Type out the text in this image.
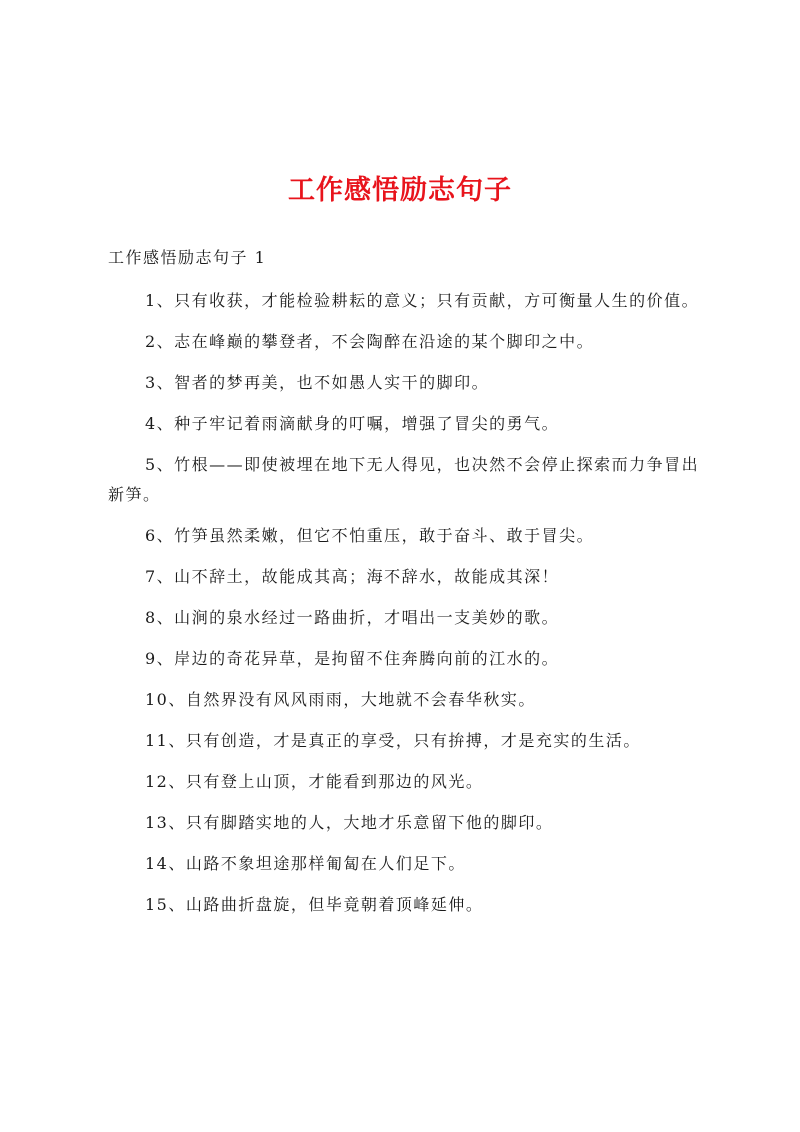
工作感悟励志句子

工作感悟励志句子 1

1、只有收获，才能检验耕耘的意义；只有贡献，方可衡量人生的价值。
2、志在峰巅的攀登者，不会陶醉在沿途的某个脚印之中。
3、智者的梦再美，也不如愚人实干的脚印。
4、种子牢记着雨滴献身的叮嘱，增强了冒尖的勇气。
5、竹根——即使被埋在地下无人得见，也决然不会停止探索而力争冒出新笋。
6、竹笋虽然柔嫩，但它不怕重压，敢于奋斗、敢于冒尖。
7、山不辞土，故能成其高；海不辞水，故能成其深！
8、山涧的泉水经过一路曲折，才唱出一支美妙的歌。
9、岸边的奇花异草，是拘留不住奔腾向前的江水的。
10、自然界没有风风雨雨，大地就不会春华秋实。
11、只有创造，才是真正的享受，只有拚搏，才是充实的生活。
12、只有登上山顶，才能看到那边的风光。
13、只有脚踏实地的人，大地才乐意留下他的脚印。
14、山路不象坦途那样匍匐在人们足下。
15、山路曲折盘旋，但毕竟朝着顶峰延伸。
